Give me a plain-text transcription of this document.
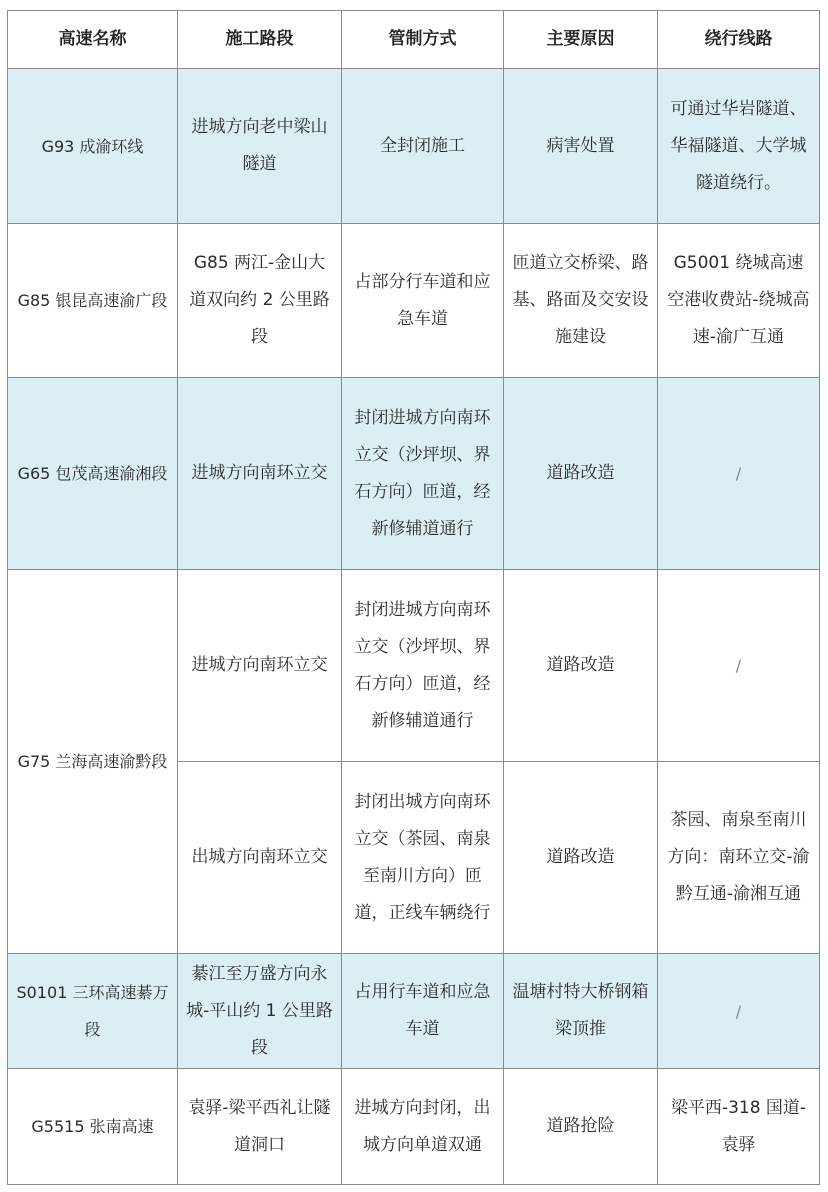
高速名称	施工路段	管制方式	主要原因	绕行线路
G93 成渝环线	进城方向老中梁山隧道	全封闭施工	病害处置	可通过华岩隧道、华福隧道、大学城隧道绕行。
G85 银昆高速渝广段	G85 两江-金山大道双向约 2 公里路段	占部分行车道和应急车道	匝道立交桥梁、路基、路面及交安设施建设	G5001 绕城高速空港收费站-绕城高速-渝广互通
G65 包茂高速渝湘段	进城方向南环立交	封闭进城方向南环立交（沙坪坝、界石方向）匝道，经新修辅道通行	道路改造	/
G75 兰海高速渝黔段	进城方向南环立交	封闭进城方向南环立交（沙坪坝、界石方向）匝道，经新修辅道通行	道路改造	/
	出城方向南环立交	封闭出城方向南环立交（茶园、南泉至南川方向）匝道，正线车辆绕行	道路改造	茶园、南泉至南川方向：南环立交-渝黔互通-渝湘互通
S0101 三环高速綦万段	綦江至万盛方向永城-平山约 1 公里路段	占用行车道和应急车道	温塘村特大桥钢箱梁顶推	/
G5515 张南高速	袁驿-梁平西礼让隧道洞口	进城方向封闭，出城方向单道双通	道路抢险	梁平西-318 国道-袁驿
